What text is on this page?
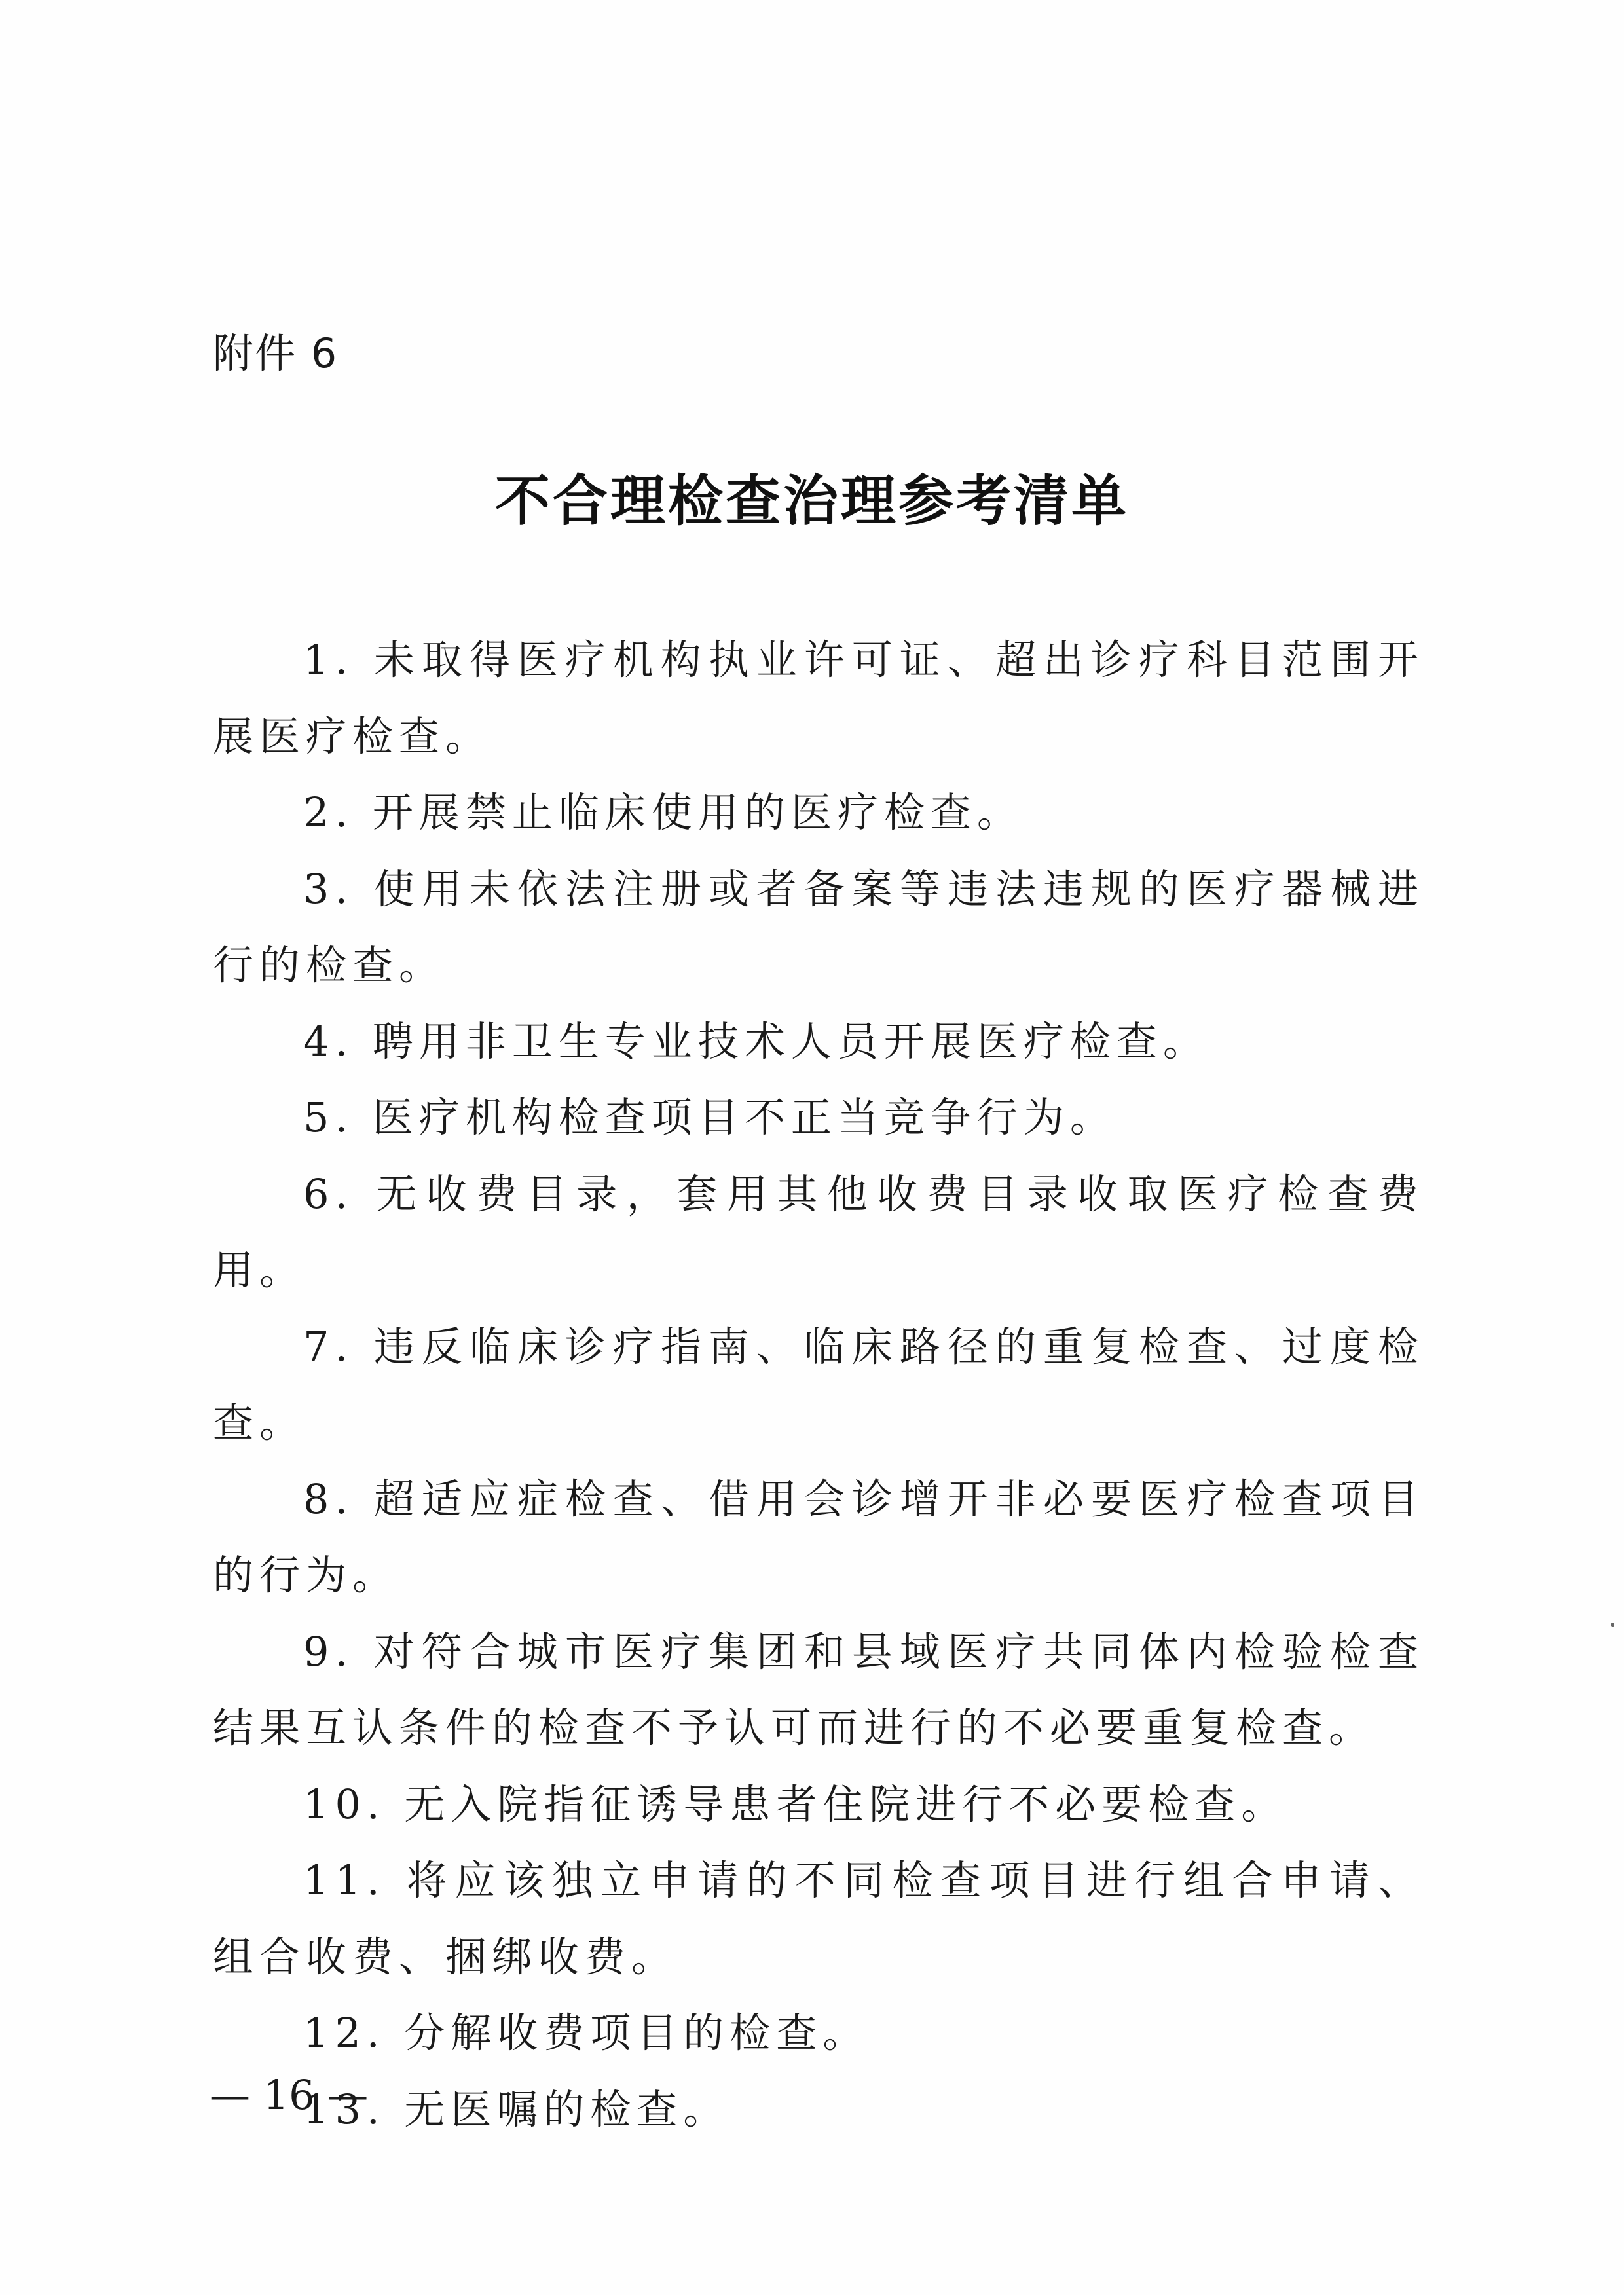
附件 6
不合理检查治理参考清单

1. 未取得医疗机构执业许可证、超出诊疗科目范围开展医疗检查。

2. 开展禁止临床使用的医疗检查。

3. 使用未依法注册或者备案等违法违规的医疗器械进行的检查。

4. 聘用非卫生专业技术人员开展医疗检查。

5. 医疗机构检查项目不正当竞争行为。

6. 无收费目录，套用其他收费目录收取医疗检查费用。

7. 违反临床诊疗指南、临床路径的重复检查、过度检查。

8. 超适应症检查、借用会诊增开非必要医疗检查项目的行为。

9. 对符合城市医疗集团和县域医疗共同体内检验检查结果互认条件的检查不予认可而进行的不必要重复检查。

10. 无入院指征诱导患者住院进行不必要检查。

11. 将应该独立申请的不同检查项目进行组合申请、组合收费、捆绑收费。

12. 分解收费项目的检查。

13. 无医嘱的检查。

— 16 —
